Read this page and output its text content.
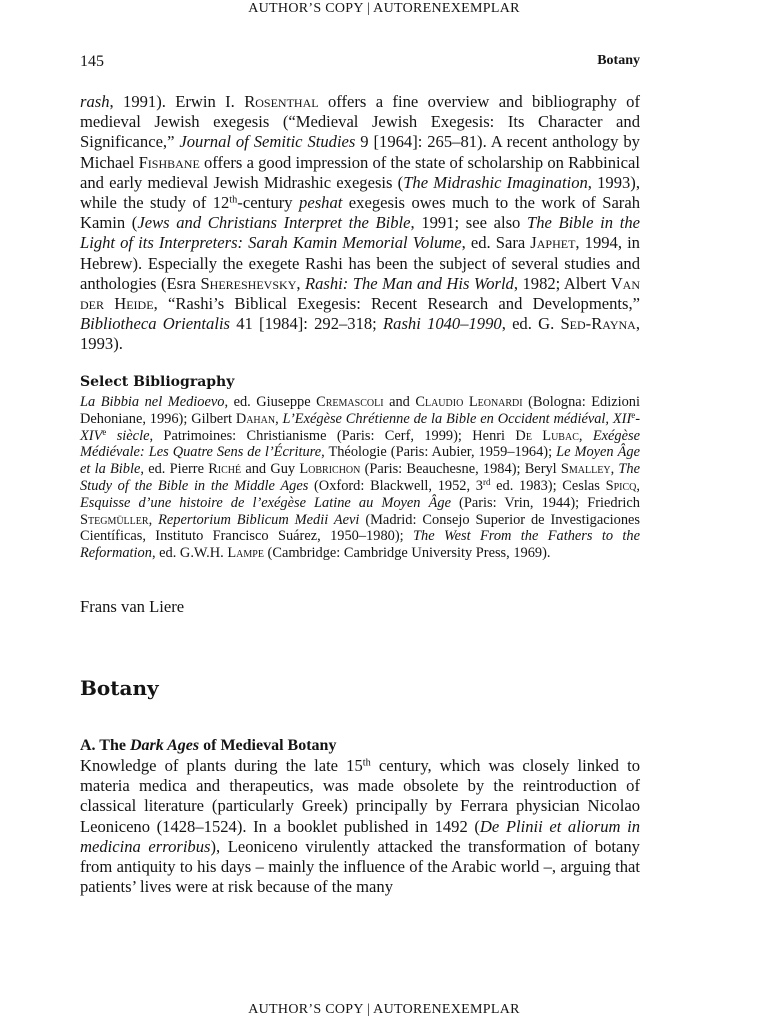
AUTHOR’S COPY | AUTORENEXEMPLAR
145	Botany

rash, 1991). Erwin I. Rosenthal offers a fine overview and bibliography of medieval Jewish exegesis (“Medieval Jewish Exegesis: Its Character and Significance,” Journal of Semitic Studies 9 [1964]: 265–81). A recent anthology by Michael Fishbane offers a good impression of the state of scholarship on Rabbinical and early medieval Jewish Midrashic exegesis (The Midrashic Imagination, 1993), while the study of 12th-century peshat exegesis owes much to the work of Sarah Kamin (Jews and Christians Interpret the Bible, 1991; see also The Bible in the Light of its Interpreters: Sarah Kamin Memorial Volume, ed. Sara Japhet, 1994, in Hebrew). Especially the exegete Rashi has been the subject of several studies and anthologies (Esra Shereshevsky, Rashi: The Man and His World, 1982; Albert Van der Heide, “Rashi’s Biblical Exegesis: Recent Research and Developments,” Bibliotheca Orientalis 41 [1984]: 292–318; Rashi 1040–1990, ed. G. Sed-Rayna, 1993).

Select Bibliography

La Bibbia nel Medioevo, ed. Giuseppe Cremascoli and Claudio Leonardi (Bologna: Edizioni Dehoniane, 1996); Gilbert Dahan, L’Exégèse Chrétienne de la Bible en Occident médiéval, XIIe-XIVe siècle, Patrimoines: Christianisme (Paris: Cerf, 1999); Henri De Lubac, Exégèse Médiévale: Les Quatre Sens de l’Écriture, Théologie (Paris: Aubier, 1959–1964); Le Moyen Âge et la Bible, ed. Pierre Riché and Guy Lobrichon (Paris: Beauchesne, 1984); Beryl Smalley, The Study of the Bible in the Middle Ages (Oxford: Blackwell, 1952, 3rd ed. 1983); Ceslas Spicq, Esquisse d’une histoire de l’exégèse Latine au Moyen Âge (Paris: Vrin, 1944); Friedrich Stegmüller, Repertorium Biblicum Medii Aevi (Madrid: Consejo Superior de Investigaciones Científicas, Instituto Francisco Suárez, 1950–1980); The West From the Fathers to the Reformation, ed. G.W.H. Lampe (Cambridge: Cambridge University Press, 1969).

Frans van Liere

Botany

A. The Dark Ages of Medieval Botany

Knowledge of plants during the late 15th century, which was closely linked to materia medica and therapeutics, was made obsolete by the reintroduction of classical literature (particularly Greek) principally by Ferrara physician Nicolao Leoniceno (1428–1524). In a booklet published in 1492 (De Plinii et aliorum in medicina erroribus), Leoniceno virulently attacked the transformation of botany from antiquity to his days – mainly the influence of the Arabic world –, arguing that patients’ lives were at risk because of the many

AUTHOR’S COPY | AUTORENEXEMPLAR
